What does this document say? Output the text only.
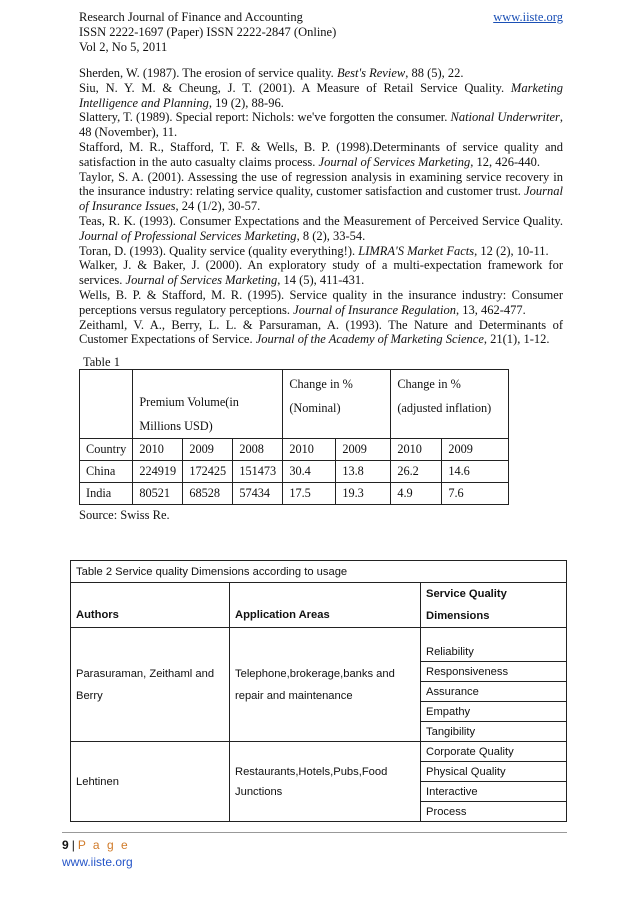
Research Journal of Finance and Accounting	www.iiste.org
ISSN 2222-1697 (Paper) ISSN 2222-2847 (Online)
Vol 2, No 5, 2011

Sherden, W. (1987). The erosion of service quality. Best's Review, 88 (5), 22.

Siu, N. Y. M. & Cheung, J. T. (2001). A Measure of Retail Service Quality. Marketing Intelligence and Planning, 19 (2), 88-96.

Slattery, T. (1989). Special report: Nichols: we've forgotten the consumer. National Underwriter, 48 (November), 11.

Stafford, M. R., Stafford, T. F. & Wells, B. P. (1998).Determinants of service quality and satisfaction in the auto casualty claims process. Journal of Services Marketing, 12, 426-440.

Taylor, S. A. (2001). Assessing the use of regression analysis in examining service recovery in the insurance industry: relating service quality, customer satisfaction and customer trust. Journal of Insurance Issues, 24 (1/2), 30-57.

Teas, R. K. (1993). Consumer Expectations and the Measurement of Perceived Service Quality. Journal of Professional Services Marketing, 8 (2), 33-54.

Toran, D. (1993). Quality service (quality everything!). LIMRA'S Market Facts, 12 (2), 10-11.

Walker, J. & Baker, J. (2000). An exploratory study of a multi-expectation framework for services. Journal of Services Marketing, 14 (5), 411-431.

Wells, B. P. & Stafford, M. R. (1995). Service quality in the insurance industry: Consumer perceptions versus regulatory perceptions. Journal of Insurance Regulation, 13, 462-477.

Zeithaml, V. A., Berry, L. L. & Parsuraman, A. (1993). The Nature and Determinants of Customer Expectations of Service. Journal of the Academy of Marketing Science, 21(1), 1-12.

Table 1
	Premium Volume(in Millions USD)			Change in %(Nominal)		Change in %(adjusted inflation)	
Country	2010	2009	2008	2010	2009	2010	2009
China	224919	172425	151473	30.4	13.8	26.2	14.6
India	80521	68528	57434	17.5	19.3	4.9	7.6
Source: Swiss Re.
Table 2 Service quality Dimensions according to usage		
Authors	Application Areas	Service Quality Dimensions
Parasuraman, Zeithaml and Berry	Telephone,brokerage,banks and repair and maintenance	Reliability
		Responsiveness
		Assurance
		Empathy
		Tangibility
Lehtinen	Restaurants,Hotels,Pubs,Food Junctions	Corporate Quality
		Physical Quality
		Interactive
		Process
9 | P a g e
www.iiste.org
